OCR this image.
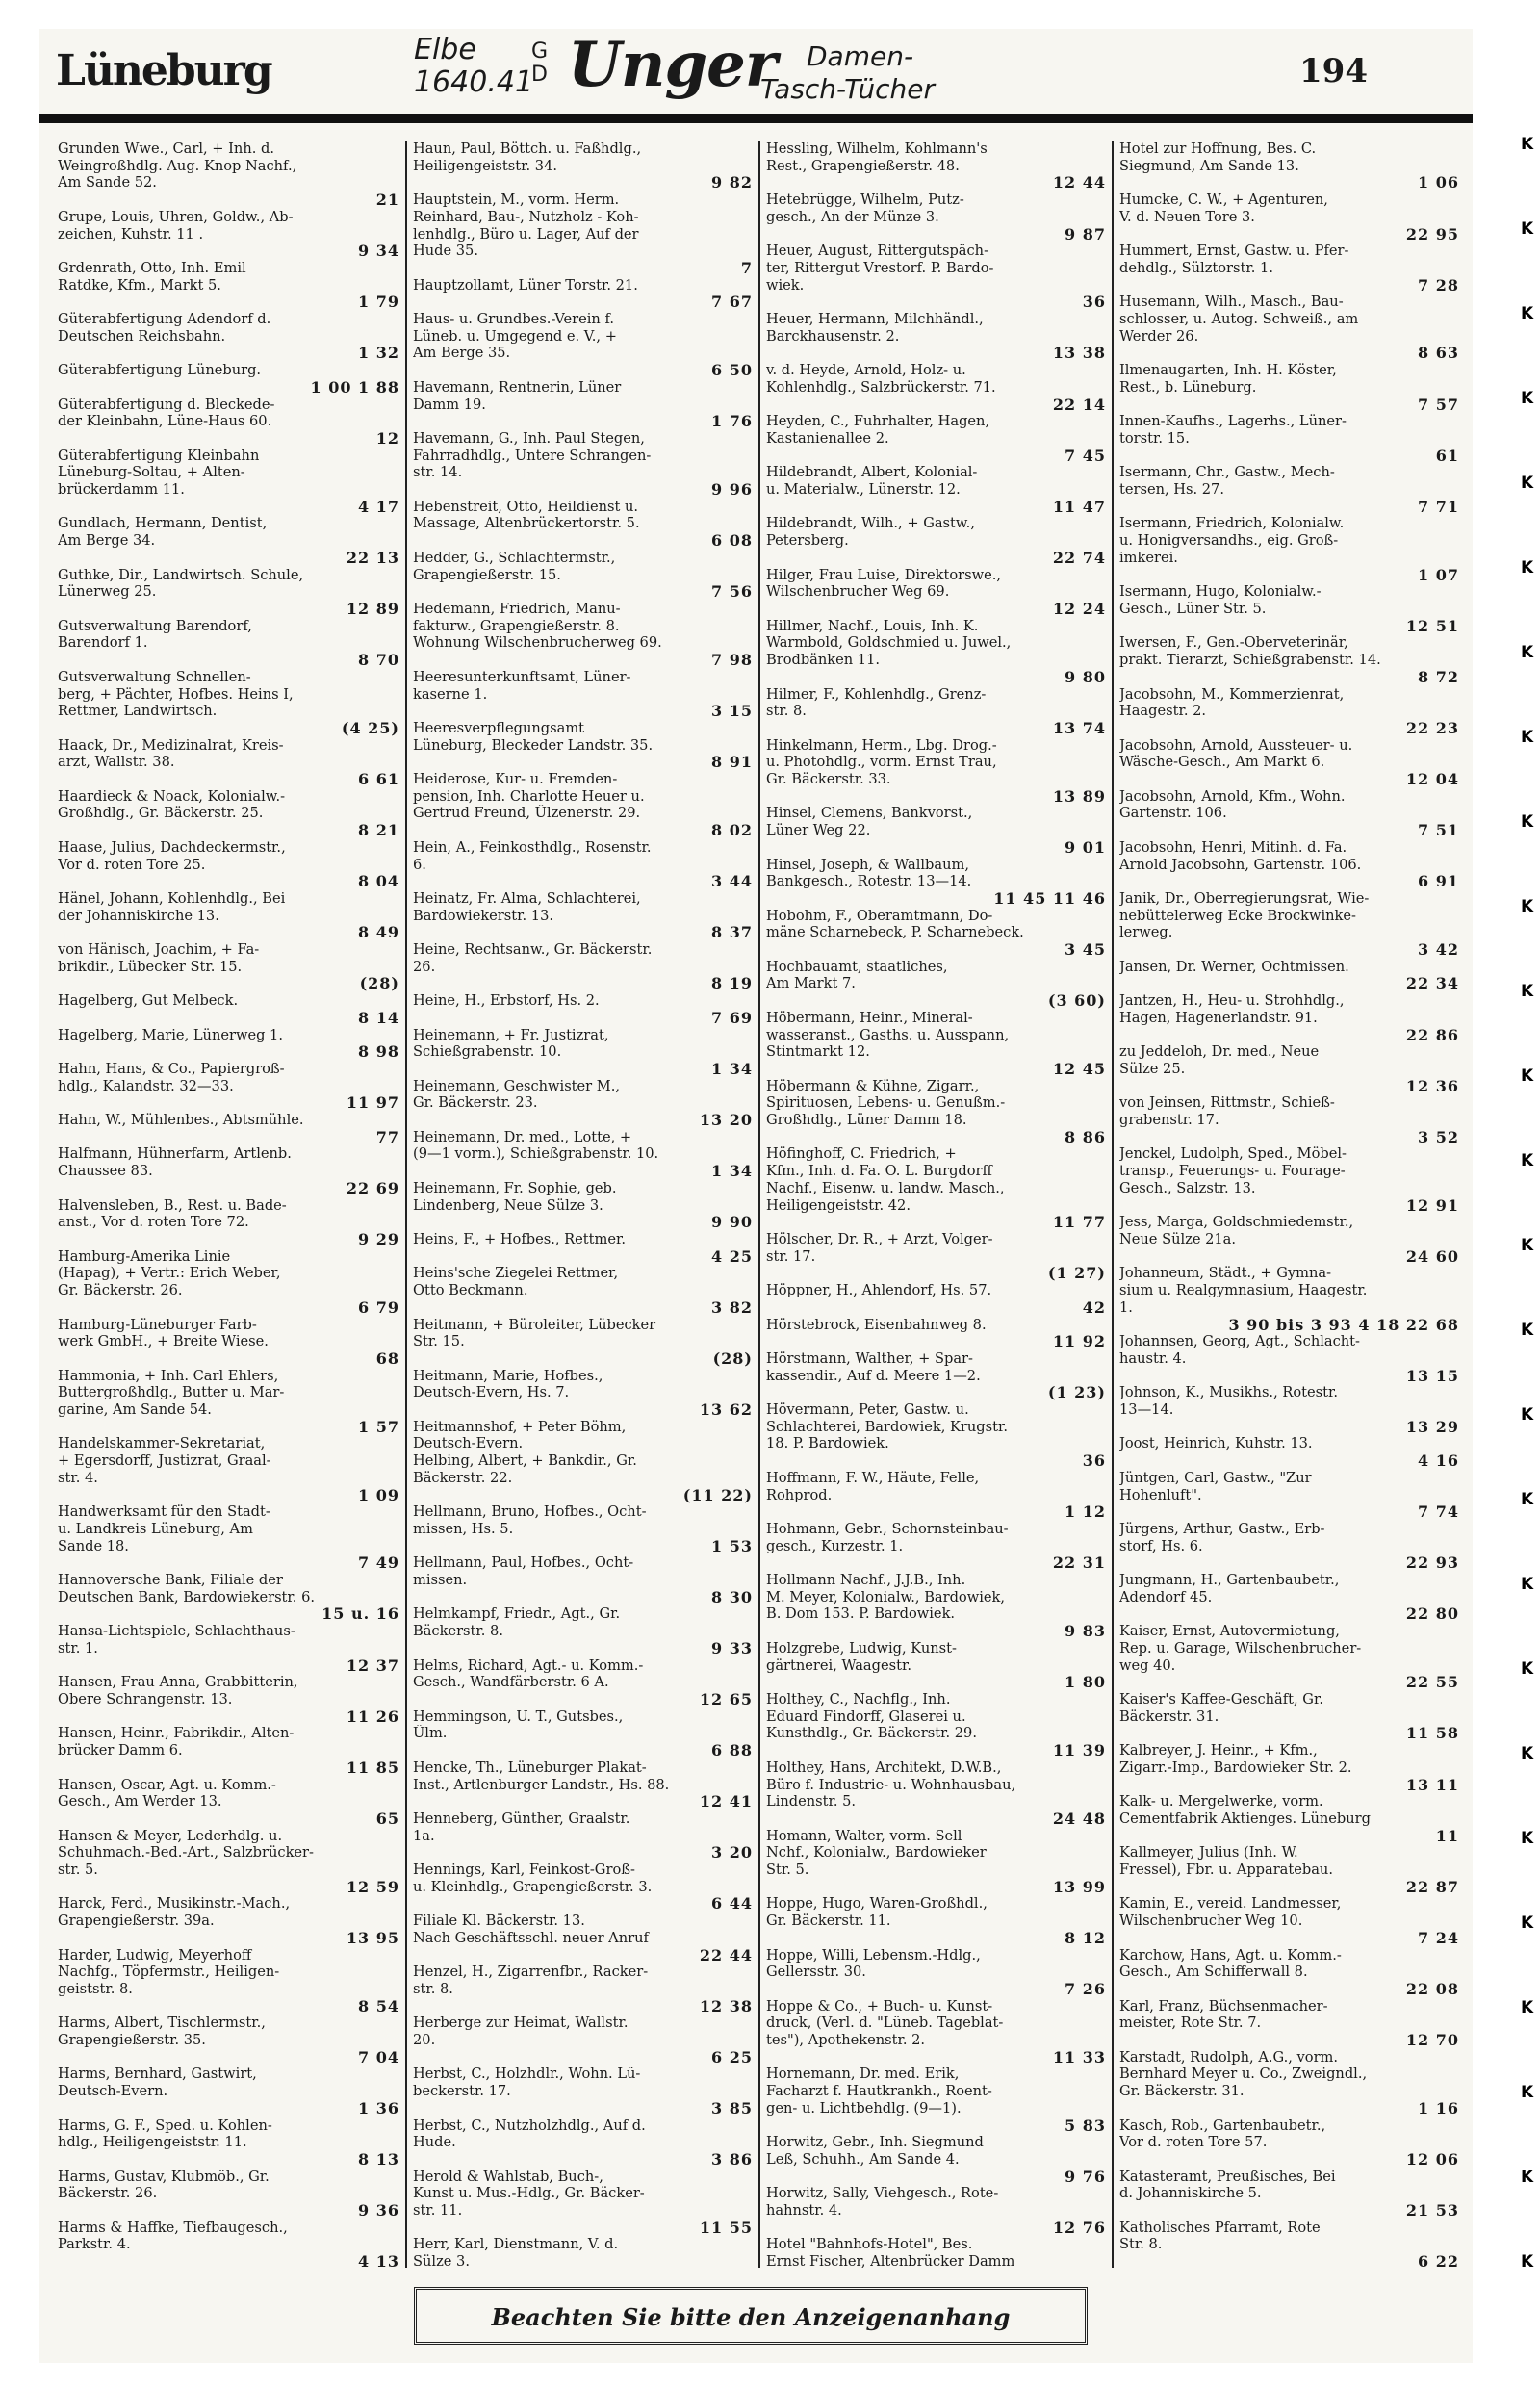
Lüneburg	Elbe
1640.41
G
D Unger Damen-
Tasch-Tücher	194
Grunden Wwe., Carl, + Inh. d.
Weingroßhdlg. Aug. Knop Nachf.,
Am Sande 52.
21

Grupe, Louis, Uhren, Goldw., Ab-
zeichen, Kuhstr. 11 .
9 34

Grdenrath, Otto, Inh. Emil
Ratdke, Kfm., Markt 5.
1 79

Güterabfertigung Adendorf d.
Deutschen Reichsbahn.
1 32

Güterabfertigung Lüneburg.
1 00 1 88

Güterabfertigung d. Bleckede-
der Kleinbahn, Lüne-Haus 60.
12

Güterabfertigung Kleinbahn
Lüneburg-Soltau, + Alten-
brückerdamm 11.
4 17

Gundlach, Hermann, Dentist,
Am Berge 34.
22 13

Guthke, Dir., Landwirtsch. Schule,
Lünerweg 25.
12 89

Gutsverwaltung Barendorf,
Barendorf 1.
8 70

Gutsverwaltung Schnellen-
berg, + Pächter, Hofbes. Heins I,
Rettmer, Landwirtsch.
(4 25)

Haack, Dr., Medizinalrat, Kreis-
arzt, Wallstr. 38.
6 61

Haardieck & Noack, Kolonialw.-
Großhdlg., Gr. Bäckerstr. 25.
8 21

Haase, Julius, Dachdeckermstr.,
Vor d. roten Tore 25.
8 04

Hänel, Johann, Kohlenhdlg., Bei
der Johanniskirche 13.
8 49

von Hänisch, Joachim, + Fa-
brikdir., Lübecker Str. 15.
(28)

Hagelberg, Gut Melbeck.
8 14

Hagelberg, Marie, Lünerweg 1.
8 98

Hahn, Hans, & Co., Papiergroß-
hdlg., Kalandstr. 32—33.
11 97

Hahn, W., Mühlenbes., Abtsmühle.
77

Halfmann, Hühnerfarm, Artlenb.
Chaussee 83.
22 69

Halvensleben, B., Rest. u. Bade-
anst., Vor d. roten Tore 72.
9 29

Hamburg-Amerika Linie
(Hapag), + Vertr.: Erich Weber,
Gr. Bäckerstr. 26.
6 79

Hamburg-Lüneburger Farb-
werk GmbH., + Breite Wiese.
68

Hammonia, + Inh. Carl Ehlers,
Buttergroßhdlg., Butter u. Mar-
garine, Am Sande 54.
1 57

Handelskammer-Sekretariat,
+ Egersdorff, Justizrat, Graal-
str. 4.
1 09

Handwerksamt für den Stadt-
u. Landkreis Lüneburg, Am
Sande 18.
7 49

Hannoversche Bank, Filiale der
Deutschen Bank, Bardowiekerstr. 6.
15 u. 16

Hansa-Lichtspiele, Schlachthaus-
str. 1.
12 37

Hansen, Frau Anna, Grabbitterin,
Obere Schrangenstr. 13.
11 26

Hansen, Heinr., Fabrikdir., Alten-
brücker Damm 6.
11 85

Hansen, Oscar, Agt. u. Komm.-
Gesch., Am Werder 13.
65

Hansen & Meyer, Lederhdlg. u.
Schuhmach.-Bed.-Art., Salzbrücker-
str. 5.
12 59

Harck, Ferd., Musikinstr.-Mach.,
Grapengießerstr. 39a.
13 95

Harder, Ludwig, Meyerhoff
Nachfg., Töpfermstr., Heiligen-
geiststr. 8.
8 54

Harms, Albert, Tischlermstr.,
Grapengießerstr. 35.
7 04

Harms, Bernhard, Gastwirt,
Deutsch-Evern.
1 36

Harms, G. F., Sped. u. Kohlen-
hdlg., Heiligengeiststr. 11.
8 13

Harms, Gustav, Klubmöb., Gr.
Bäckerstr. 26.
9 36

Harms & Haffke, Tiefbaugesch.,
Parkstr. 4.
4 13

Haun, Paul, Böttch. u. Faßhdlg.,
Heiligengeiststr. 34.
9 82

Hauptstein, M., vorm. Herm.
Reinhard, Bau-, Nutzholz - Koh-
lenhdlg., Büro u. Lager, Auf der
Hude 35.
7

Hauptzollamt, Lüner Torstr. 21.
7 67

Haus- u. Grundbes.-Verein f.
Lüneb. u. Umgegend e. V., +
Am Berge 35.
6 50

Havemann, Rentnerin, Lüner
Damm 19.
1 76

Havemann, G., Inh. Paul Stegen,
Fahrradhdlg., Untere Schrangen-
str. 14.
9 96

Hebenstreit, Otto, Heildienst u.
Massage, Altenbrückertorstr. 5.
6 08

Hedder, G., Schlachtermstr.,
Grapengießerstr. 15.
7 56

Hedemann, Friedrich, Manu-
fakturw., Grapengießerstr. 8.
Wohnung Wilschenbrucherweg 69.
7 98

Heeresunterkunftsamt, Lüner-
kaserne 1.
3 15

Heeresverpflegungsamt
Lüneburg, Bleckeder Landstr. 35.
8 91

Heiderose, Kur- u. Fremden-
pension, Inh. Charlotte Heuer u.
Gertrud Freund, Ülzenerstr. 29.
8 02

Hein, A., Feinkosthdlg., Rosenstr.
6.
3 44

Heinatz, Fr. Alma, Schlachterei,
Bardowiekerstr. 13.
8 37

Heine, Rechtsanw., Gr. Bäckerstr.
26.
8 19

Heine, H., Erbstorf, Hs. 2.
7 69

Heinemann, + Fr. Justizrat,
Schießgrabenstr. 10.
1 34

Heinemann, Geschwister M.,
Gr. Bäckerstr. 23.
13 20

Heinemann, Dr. med., Lotte, +
(9—1 vorm.), Schießgrabenstr. 10.
1 34

Heinemann, Fr. Sophie, geb.
Lindenberg, Neue Sülze 3.
9 90

Heins, F., + Hofbes., Rettmer.
4 25

Heins'sche Ziegelei Rettmer,
Otto Beckmann.
3 82

Heitmann, + Büroleiter, Lübecker
Str. 15.
(28)

Heitmann, Marie, Hofbes.,
Deutsch-Evern, Hs. 7.
13 62

Heitmannshof, + Peter Böhm,
Deutsch-Evern.
Helbing, Albert, + Bankdir., Gr.
Bäckerstr. 22.
(11 22)

Hellmann, Bruno, Hofbes., Ocht-
missen, Hs. 5.
1 53

Hellmann, Paul, Hofbes., Ocht-
missen.
8 30

Helmkampf, Friedr., Agt., Gr.
Bäckerstr. 8.
9 33

Helms, Richard, Agt.- u. Komm.-
Gesch., Wandfärberstr. 6 A.
12 65

Hemmingson, U. T., Gutsbes.,
Ülm.
6 88

Hencke, Th., Lüneburger Plakat-
Inst., Artlenburger Landstr., Hs. 88.
12 41

Henneberg, Günther, Graalstr.
1a.
3 20

Hennings, Karl, Feinkost-Groß-
u. Kleinhdlg., Grapengießerstr. 3.
6 44

Filiale Kl. Bäckerstr. 13.
Nach Geschäftsschl. neuer Anruf
22 44

Henzel, H., Zigarrenfbr., Racker-
str. 8.
12 38

Herberge zur Heimat, Wallstr.
20.
6 25

Herbst, C., Holzhdlr., Wohn. Lü-
beckerstr. 17.
3 85

Herbst, C., Nutzholzhdlg., Auf d.
Hude.
3 86

Herold & Wahlstab, Buch-,
Kunst u. Mus.-Hdlg., Gr. Bäcker-
str. 11.
11 55

Herr, Karl, Dienstmann, V. d.
Sülze 3.

Hessling, Wilhelm, Kohlmann's
Rest., Grapengießerstr. 48.
12 44

Hetebrügge, Wilhelm, Putz-
gesch., An der Münze 3.
9 87

Heuer, August, Rittergutspäch-
ter, Rittergut Vrestorf. P. Bardo-
wiek.
36

Heuer, Hermann, Milchhändl.,
Barckhausenstr. 2.
13 38

v. d. Heyde, Arnold, Holz- u.
Kohlenhdlg., Salzbrückerstr. 71.
22 14

Heyden, C., Fuhrhalter, Hagen,
Kastanienallee 2.
7 45

Hildebrandt, Albert, Kolonial-
u. Materialw., Lünerstr. 12.
11 47

Hildebrandt, Wilh., + Gastw.,
Petersberg.
22 74

Hilger, Frau Luise, Direktorswe.,
Wilschenbrucher Weg 69.
12 24

Hillmer, Nachf., Louis, Inh. K.
Warmbold, Goldschmied u. Juwel.,
Brodbänken 11.
9 80

Hilmer, F., Kohlenhdlg., Grenz-
str. 8.
13 74

Hinkelmann, Herm., Lbg. Drog.-
u. Photohdlg., vorm. Ernst Trau,
Gr. Bäckerstr. 33.
13 89

Hinsel, Clemens, Bankvorst.,
Lüner Weg 22.
9 01

Hinsel, Joseph, & Wallbaum,
Bankgesch., Rotestr. 13—14.
11 45 11 46

Hobohm, F., Oberamtmann, Do-
mäne Scharnebeck, P. Scharnebeck.
3 45

Hochbauamt, staatliches,
Am Markt 7.
(3 60)

Höbermann, Heinr., Mineral-
wasseranst., Gasths. u. Ausspann,
Stintmarkt 12.
12 45

Höbermann & Kühne, Zigarr.,
Spirituosen, Lebens- u. Genußm.-
Großhdlg., Lüner Damm 18.
8 86

Höfinghoff, C. Friedrich, +
Kfm., Inh. d. Fa. O. L. Burgdorff
Nachf., Eisenw. u. landw. Masch.,
Heiligengeiststr. 42.
11 77

Hölscher, Dr. R., + Arzt, Volger-
str. 17.
(1 27)

Höppner, H., Ahlendorf, Hs. 57.
42

Hörstebrock, Eisenbahnweg 8.
11 92

Hörstmann, Walther, + Spar-
kassendir., Auf d. Meere 1—2.
(1 23)

Hövermann, Peter, Gastw. u.
Schlachterei, Bardowiek, Krugstr.
18. P. Bardowiek.
36

Hoffmann, F. W., Häute, Felle,
Rohprod.
1 12

Hohmann, Gebr., Schornsteinbau-
gesch., Kurzestr. 1.
22 31

Hollmann Nachf., J.J.B., Inh.
M. Meyer, Kolonialw., Bardowiek,
B. Dom 153. P. Bardowiek.
9 83

Holzgrebe, Ludwig, Kunst-
gärtnerei, Waagestr.
1 80

Holthey, C., Nachflg., Inh.
Eduard Findorff, Glaserei u.
Kunsthdlg., Gr. Bäckerstr. 29.
11 39

Holthey, Hans, Architekt, D.W.B.,
Büro f. Industrie- u. Wohnhausbau,
Lindenstr. 5.
24 48

Homann, Walter, vorm. Sell
Nchf., Kolonialw., Bardowieker
Str. 5.
13 99

Hoppe, Hugo, Waren-Großhdl.,
Gr. Bäckerstr. 11.
8 12

Hoppe, Willi, Lebensm.-Hdlg.,
Gellersstr. 30.
7 26

Hoppe & Co., + Buch- u. Kunst-
druck, (Verl. d. "Lüneb. Tageblat-
tes"), Apothekenstr. 2.
11 33

Hornemann, Dr. med. Erik,
Facharzt f. Hautkrankh., Roent-
gen- u. Lichtbehdlg. (9—1).
5 83

Horwitz, Gebr., Inh. Siegmund
Leß, Schuhh., Am Sande 4.
9 76

Horwitz, Sally, Viehgesch., Rote-
hahnstr. 4.
12 76

Hotel "Bahnhofs-Hotel", Bes.
Ernst Fischer, Altenbrücker Damm

Hotel zur Hoffnung, Bes. C.
Siegmund, Am Sande 13.
1 06

Humcke, C. W., + Agenturen,
V. d. Neuen Tore 3.
22 95

Hummert, Ernst, Gastw. u. Pfer-
dehdlg., Sülztorstr. 1.
7 28

Husemann, Wilh., Masch., Bau-
schlosser, u. Autog. Schweiß., am
Werder 26.
8 63

Ilmenaugarten, Inh. H. Köster,
Rest., b. Lüneburg.
7 57

Innen-Kaufhs., Lagerhs., Lüner-
torstr. 15.
61

Isermann, Chr., Gastw., Mech-
tersen, Hs. 27.
7 71

Isermann, Friedrich, Kolonialw.
u. Honigversandhs., eig. Groß-
imkerei.
1 07

Isermann, Hugo, Kolonialw.-
Gesch., Lüner Str. 5.
12 51

Iwersen, F., Gen.-Oberveterinär,
prakt. Tierarzt, Schießgrabenstr. 14.
8 72

Jacobsohn, M., Kommerzienrat,
Haagestr. 2.
22 23

Jacobsohn, Arnold, Aussteuer- u.
Wäsche-Gesch., Am Markt 6.
12 04

Jacobsohn, Arnold, Kfm., Wohn.
Gartenstr. 106.
7 51

Jacobsohn, Henri, Mitinh. d. Fa.
Arnold Jacobsohn, Gartenstr. 106.
6 91

Janik, Dr., Oberregierungsrat, Wie-
nebüttelerweg Ecke Brockwinke-
lerweg.
3 42

Jansen, Dr. Werner, Ochtmissen.
22 34

Jantzen, H., Heu- u. Strohhdlg.,
Hagen, Hagenerlandstr. 91.
22 86

zu Jeddeloh, Dr. med., Neue
Sülze 25.
12 36

von Jeinsen, Rittmstr., Schieß-
grabenstr. 17.
3 52

Jenckel, Ludolph, Sped., Möbel-
transp., Feuerungs- u. Fourage-
Gesch., Salzstr. 13.
12 91

Jess, Marga, Goldschmiedemstr.,
Neue Sülze 21a.
24 60

Johanneum, Städt., + Gymna-
sium u. Realgymnasium, Haagestr.
1.
3 90 bis 3 93 4 18 22 68

Johannsen, Georg, Agt., Schlacht-
haustr. 4.
13 15

Johnson, K., Musikhs., Rotestr.
13—14.
13 29

Joost, Heinrich, Kuhstr. 13.
4 16

Jüntgen, Carl, Gastw., "Zur
Hohenluft".
7 74

Jürgens, Arthur, Gastw., Erb-
storf, Hs. 6.
22 93

Jungmann, H., Gartenbaubetr.,
Adendorf 45.
22 80

Kaiser, Ernst, Autovermietung,
Rep. u. Garage, Wilschenbrucher-
weg 40.
22 55

Kaiser's Kaffee-Geschäft, Gr.
Bäckerstr. 31.
11 58

Kalbreyer, J. Heinr., + Kfm.,
Zigarr.-Imp., Bardowieker Str. 2.
13 11

Kalk- u. Mergelwerke, vorm.
Cementfabrik Aktienges. Lüneburg
11

Kallmeyer, Julius (Inh. W.
Fressel), Fbr. u. Apparatebau.
22 87

Kamin, E., vereid. Landmesser,
Wilschenbrucher Weg 10.
7 24

Karchow, Hans, Agt. u. Komm.-
Gesch., Am Schifferwall 8.
22 08

Karl, Franz, Büchsenmacher-
meister, Rote Str. 7.
12 70

Karstadt, Rudolph, A.G., vorm.
Bernhard Meyer u. Co., Zweigndl.,
Gr. Bäckerstr. 31.
1 16

Kasch, Rob., Gartenbaubetr.,
Vor d. roten Tore 57.
12 06

Katasteramt, Preußisches, Bei
d. Johanniskirche 5.
21 53

Katholisches Pfarramt, Rote
Str. 8.
6 22

Beachten Sie bitte den Anzeigenanhang
K
K
K
K
K
K
K
K
K
K
K
K
K
K
K
K
K
K
K
K
K
K
K
K
K
K
